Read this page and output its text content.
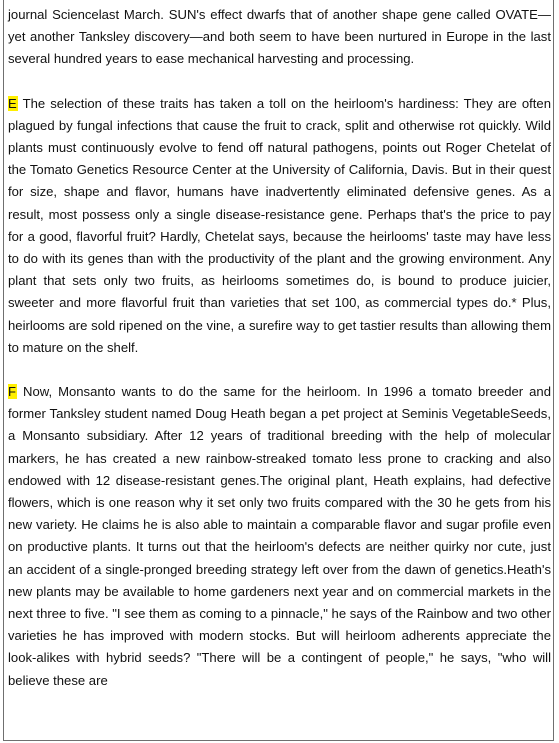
journal Sciencelast March. SUN's effect dwarfs that of another shape gene called OVATE—yet another Tanksley discovery—and both seem to have been nurtured in Europe in the last several hundred years to ease mechanical harvesting and processing.

E The selection of these traits has taken a toll on the heirloom's hardiness: They are often plagued by fungal infections that cause the fruit to crack, split and otherwise rot quickly. Wild plants must continuously evolve to fend off natural pathogens, points out Roger Chetelat of the Tomato Genetics Resource Center at the University of California, Davis. But in their quest for size, shape and flavor, humans have inadvertently eliminated defensive genes. As a result, most possess only a single disease-resistance gene. Perhaps that's the price to pay for a good, flavorful fruit? Hardly, Chetelat says, because the heirlooms' taste may have less to do with its genes than with the productivity of the plant and the growing environment. Any plant that sets only two fruits, as heirlooms sometimes do, is bound to produce juicier, sweeter and more flavorful fruit than varieties that set 100, as commercial types do.* Plus, heirlooms are sold ripened on the vine, a surefire way to get tastier results than allowing them to mature on the shelf.

F Now, Monsanto wants to do the same for the heirloom. In 1996 a tomato breeder and former Tanksley student named Doug Heath began a pet project at Seminis VegetableSeeds, a Monsanto subsidiary. After 12 years of traditional breeding with the help of molecular markers, he has created a new rainbow-streaked tomato less prone to cracking and also endowed with 12 disease-resistant genes.The original plant, Heath explains, had defective flowers, which is one reason why it set only two fruits compared with the 30 he gets from his new variety. He claims he is also able to maintain a comparable flavor and sugar profile even on productive plants. It turns out that the heirloom's defects are neither quirky nor cute, just an accident of a single-pronged breeding strategy left over from the dawn of genetics.Heath's new plants may be available to home gardeners next year and on commercial markets in the next three to five. "I see them as coming to a pinnacle," he says of the Rainbow and two other varieties he has improved with modern stocks. But will heirloom adherents appreciate the look-alikes with hybrid seeds? "There will be a contingent of people," he says, "who will believe these are
